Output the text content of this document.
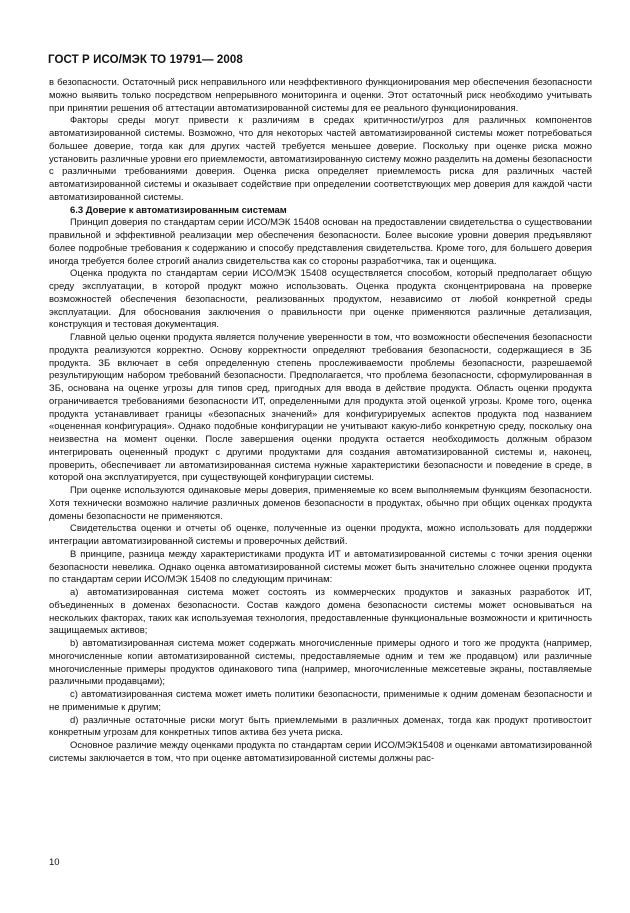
ГОСТ Р ИСО/МЭК ТО 19791— 2008

в безопасности. Остаточный риск неправильного или неэффективного функционирования мер обеспечения безопасности можно выявить только посредством непрерывного мониторинга и оценки. Этот остаточный риск необходимо учитывать при принятии решения об аттестации автоматизированной системы для ее реального функционирования.

Факторы среды могут привести к различиям в средах критичности/угроз для различных компонентов автоматизированной системы. Возможно, что для некоторых частей автоматизированной системы может потребоваться большее доверие, тогда как для других частей требуется меньшее доверие. Поскольку при оценке риска можно установить различные уровни его приемлемости, автоматизированную систему можно разделить на домены безопасности с различными требованиями доверия. Оценка риска определяет приемлемость риска для различных частей автоматизированной системы и оказывает содействие при определении соответствующих мер доверия для каждой части автоматизированной системы.

6.3 Доверие к автоматизированным системам

Принцип доверия по стандартам серии ИСО/МЭК 15408 основан на предоставлении свидетельства о существовании правильной и эффективной реализации мер обеспечения безопасности. Более высокие уровни доверия предъявляют более подробные требования к содержанию и способу представления свидетельства. Кроме того, для большего доверия иногда требуется более строгий анализ свидетельства как со стороны разработчика, так и оценщика.

Оценка продукта по стандартам серии ИСО/МЭК 15408 осуществляется способом, который предполагает общую среду эксплуатации, в которой продукт можно использовать. Оценка продукта сконцентрирована на проверке возможностей обеспечения безопасности, реализованных продуктом, независимо от любой конкретной среды эксплуатации. Для обоснования заключения о правильности при оценке применяются различные детализация, конструкция и тестовая документация.

Главной целью оценки продукта является получение уверенности в том, что возможности обеспечения безопасности продукта реализуются корректно. Основу корректности определяют требования безопасности, содержащиеся в ЗБ продукта. ЗБ включает в себя определенную степень прослеживаемости проблемы безопасности, разрешаемой результирующим набором требований безопасности. Предполагается, что проблема безопасности, сформулированная в ЗБ, основана на оценке угрозы для типов сред, пригодных для ввода в действие продукта. Область оценки продукта ограничивается требованиями безопасности ИТ, определенными для продукта этой оценкой угрозы. Кроме того, оценка продукта устанавливает границы «безопасных значений» для конфигурируемых аспектов продукта под названием «оцененная конфигурация». Однако подобные конфигурации не учитывают какую-либо конкретную среду, поскольку она неизвестна на момент оценки. После завершения оценки продукта остается необходимость должным образом интегрировать оцененный продукт с другими продуктами для создания автоматизированной системы и, наконец, проверить, обеспечивает ли автоматизированная система нужные характеристики безопасности и поведение в среде, в которой она эксплуатируется, при существующей конфигурации системы.

При оценке используются одинаковые меры доверия, применяемые ко всем выполняемым функциям безопасности. Хотя технически возможно наличие различных доменов безопасности в продуктах, обычно при общих оценках продукта домены безопасности не применяются.

Свидетельства оценки и отчеты об оценке, полученные из оценки продукта, можно использовать для поддержки интеграции автоматизированной системы и проверочных действий.

В принципе, разница между характеристиками продукта ИТ и автоматизированной системы с точки зрения оценки безопасности невелика. Однако оценка автоматизированной системы может быть значительно сложнее оценки продукта по стандартам серии ИСО/МЭК 15408 по следующим причинам:

а) автоматизированная система может состоять из коммерческих продуктов и заказных разработок ИТ, объединенных в доменах безопасности. Состав каждого домена безопасности системы может основываться на нескольких факторах, таких как используемая технология, предоставленные функциональные возможности и критичность защищаемых активов;

b) автоматизированная система может содержать многочисленные примеры одного и того же продукта (например, многочисленные копии автоматизированной системы, предоставляемые одним и тем же продавцом) или различные многочисленные примеры продуктов одинакового типа (например, многочисленные межсетевые экраны, поставляемые различными продавцами);

с) автоматизированная система может иметь политики безопасности, применимые к одним доменам безопасности и не применимые к другим;

d) различные остаточные риски могут быть приемлемыми в различных доменах, тогда как продукт противостоит конкретным угрозам для конкретных типов актива без учета риска.

Основное различие между оценками продукта по стандартам серии ИСО/МЭК15408 и оценками автоматизированной системы заключается в том, что при оценке автоматизированной системы должны рас-

10
